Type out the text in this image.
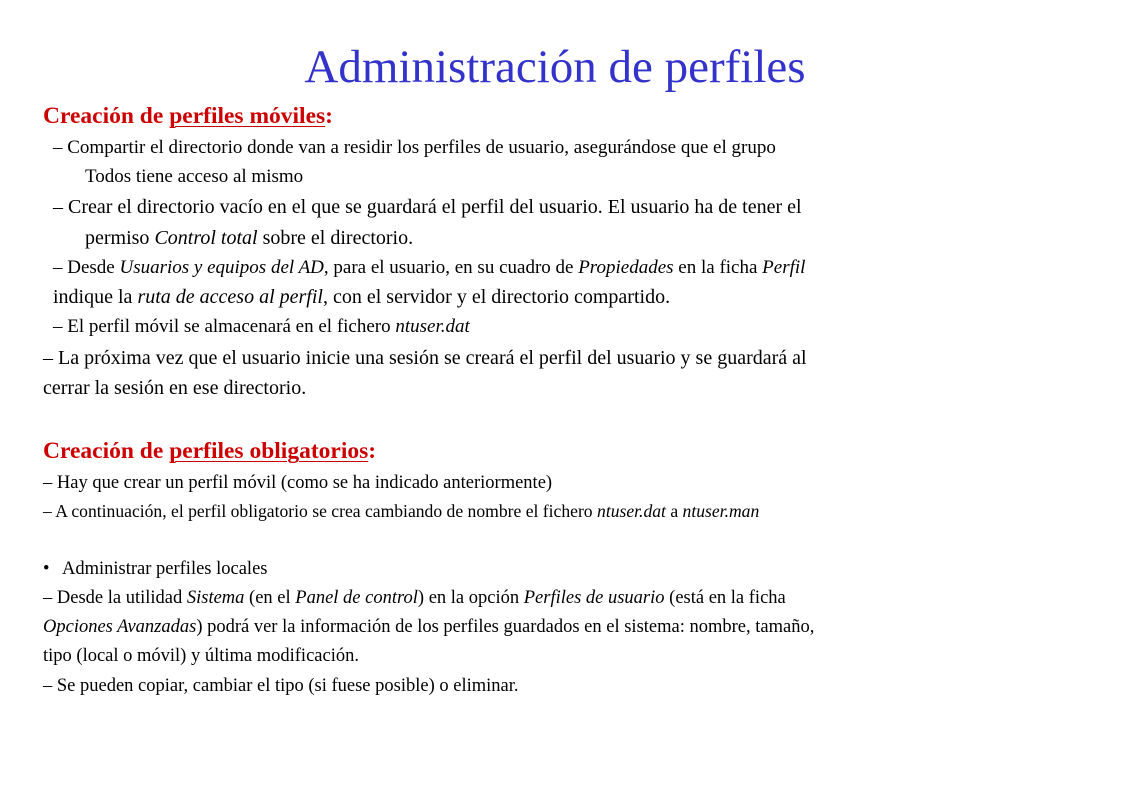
Administración de perfiles
Creación de perfiles móviles:
– Compartir el directorio donde van a residir los perfiles de usuario, asegurándose que el grupo
Todos tiene acceso al mismo
– Crear el directorio vacío en el que se guardará el perfil del usuario. El usuario ha de tener el
permiso Control total sobre el directorio.
– Desde Usuarios y equipos del AD, para el usuario, en su cuadro de Propiedades en la ficha Perfil
indique la ruta de acceso al perfil, con el servidor y el directorio compartido.
– El perfil móvil se almacenará en el fichero ntuser.dat
– La próxima vez que el usuario inicie una sesión se creará el perfil del usuario y se guardará al
cerrar la sesión en ese directorio.
Creación de perfiles obligatorios:
– Hay que crear un perfil móvil (como se ha indicado anteriormente)
– A continuación, el perfil obligatorio se crea cambiando de nombre el fichero ntuser.dat a ntuser.man
• Administrar perfiles locales
– Desde la utilidad Sistema (en el Panel de control) en la opción Perfiles de usuario (está en la ficha
Opciones Avanzadas) podrá ver la información de los perfiles guardados en el sistema: nombre, tamaño,
tipo (local o móvil) y última modificación.
– Se pueden copiar, cambiar el tipo (si fuese posible) o eliminar.
